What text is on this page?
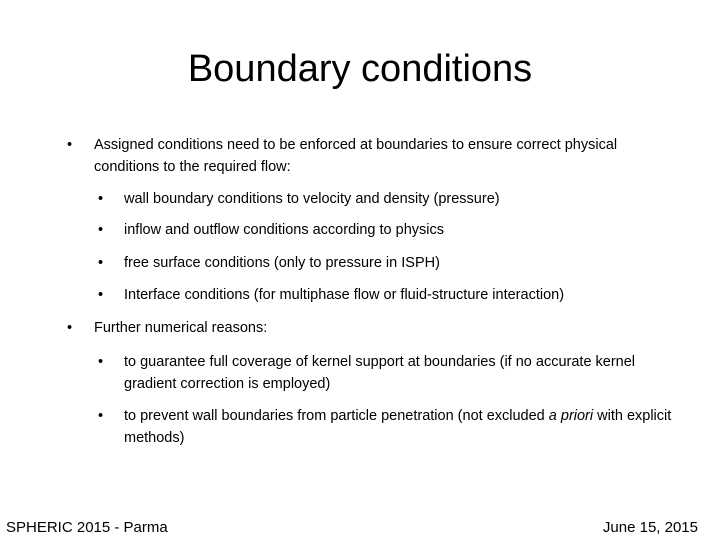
Boundary conditions
•	Assigned conditions need to be enforced at boundaries to ensure correct physical conditions to the required flow:
•	wall boundary conditions to velocity and density (pressure)
•	inflow and outflow conditions according to physics
•	free surface conditions (only to pressure in ISPH)
•	Interface conditions (for multiphase flow or fluid-structure interaction)
•	Further numerical reasons:
•	to guarantee full coverage of kernel support at boundaries (if no accurate kernel gradient correction is employed)
•	to prevent wall boundaries from particle penetration (not excluded a priori with explicit methods)
SPHERIC 2015 - Parma	June 15, 2015
